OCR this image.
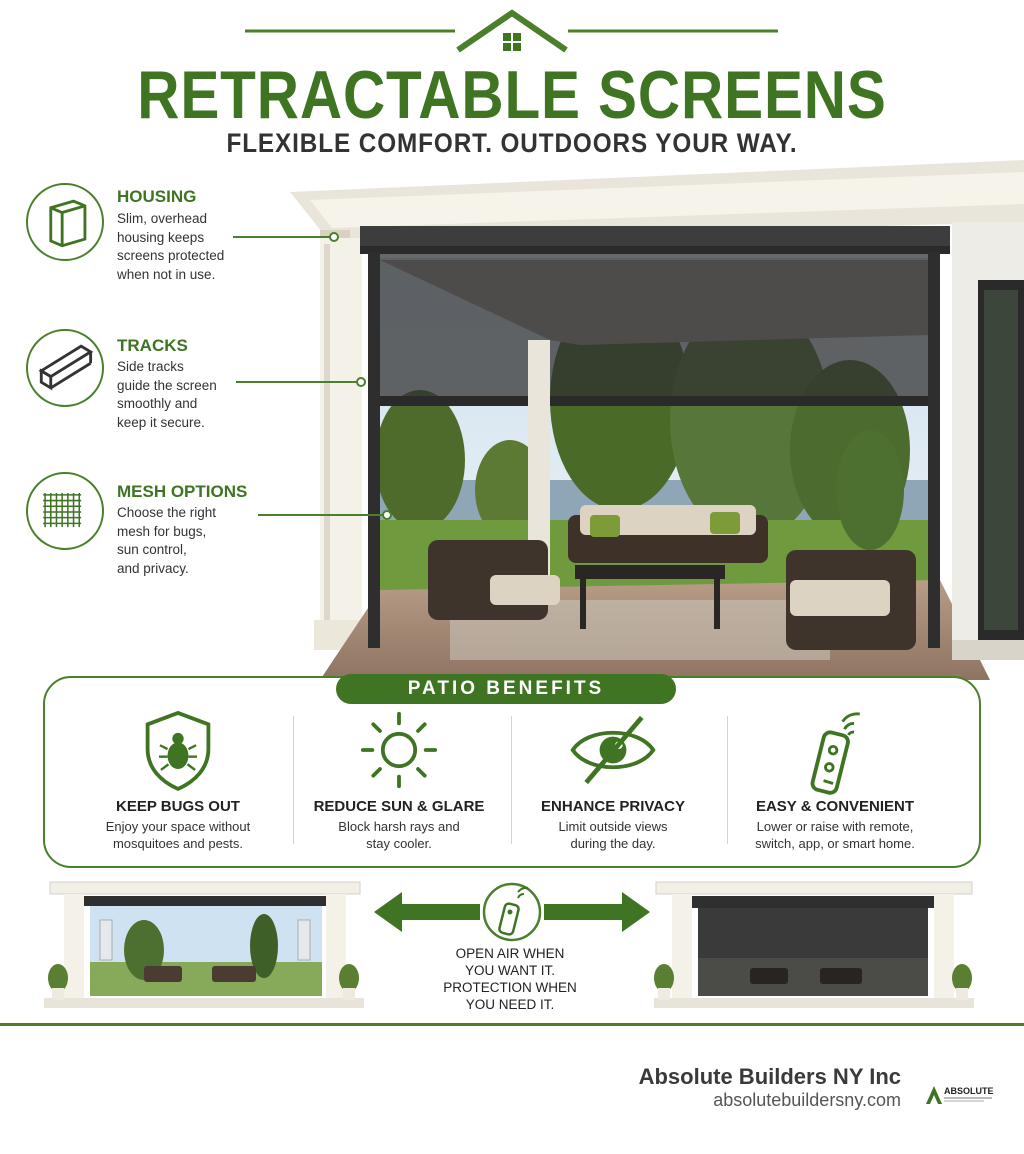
RETRACTABLE SCREENS
FLEXIBLE COMFORT. OUTDOORS YOUR WAY.
HOUSING
Slim, overhead
housing keeps
screens protected
when not in use.
TRACKS
Side tracks
guide the screen
smoothly and
keep it secure.
MESH OPTIONS
Choose the right
mesh for bugs,
sun control,
and privacy.
PATIO BENEFITS
KEEP BUGS OUT
Enjoy your space without
mosquitoes and pests.
REDUCE SUN & GLARE
Block harsh rays and
stay cooler.
ENHANCE PRIVACY
Limit outside views
during the day.
EASY & CONVENIENT
Lower or raise with remote,
switch, app, or smart home.
OPEN AIR WHEN
YOU WANT IT.
PROTECTION WHEN
YOU NEED IT.
Absolute Builders NY Inc
absolutebuildersny.com	ABSOLUTE
